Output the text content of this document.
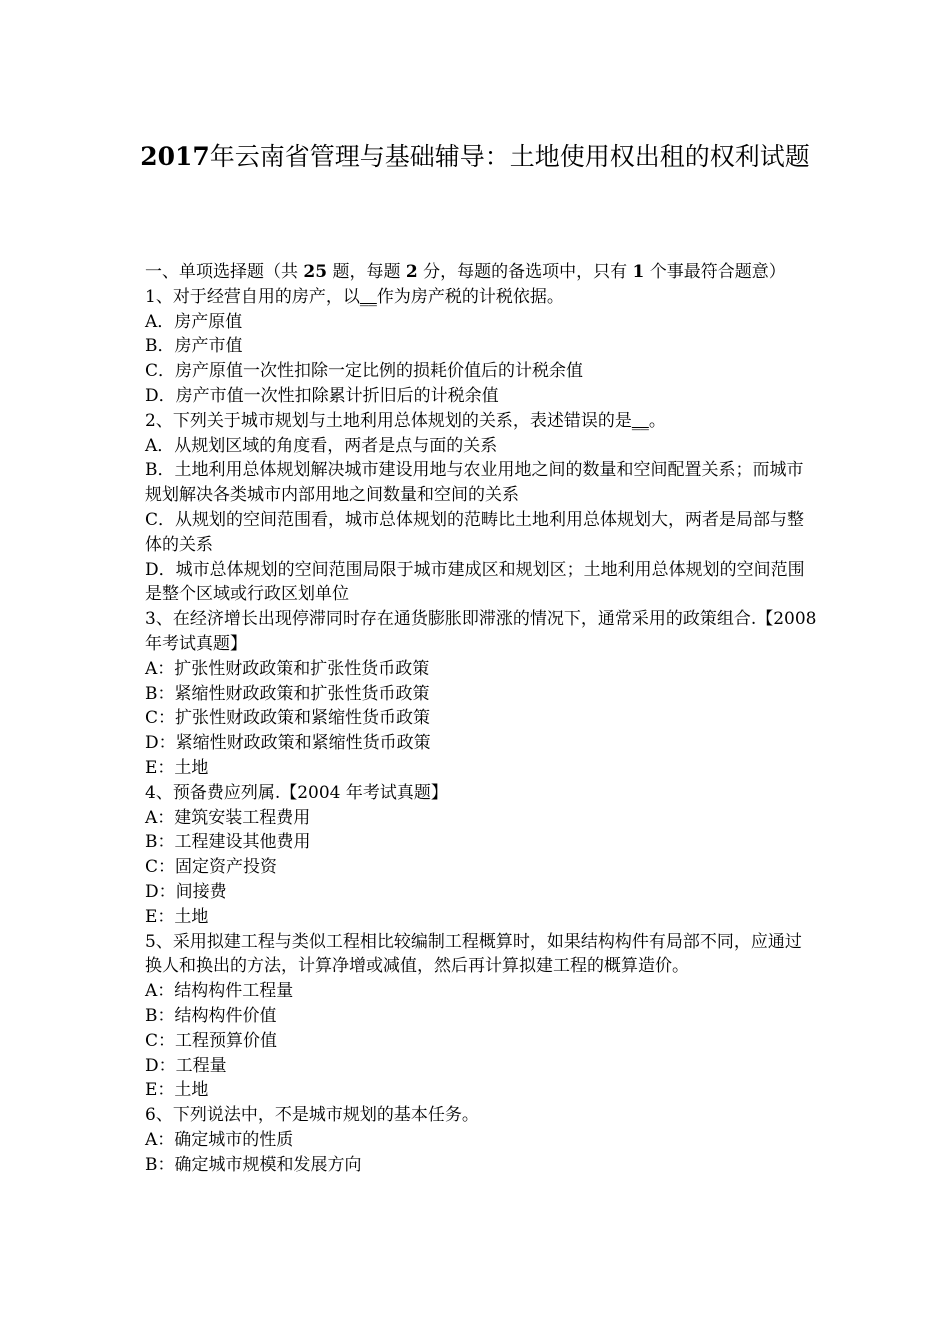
2017年云南省管理与基础辅导：土地使用权出租的权利试题
一、单项选择题（共 25 题，每题 2 分，每题的备选项中，只有 1 个事最符合题意）
1、对于经营自用的房产，以__作为房产税的计税依据。
A．房产原值
B．房产市值
C．房产原值一次性扣除一定比例的损耗价值后的计税余值
D．房产市值一次性扣除累计折旧后的计税余值
2、下列关于城市规划与土地利用总体规划的关系，表述错误的是__。
A．从规划区域的角度看，两者是点与面的关系
B．土地利用总体规划解决城市建设用地与农业用地之间的数量和空间配置关系；而城市规划解决各类城市内部用地之间数量和空间的关系
C．从规划的空间范围看，城市总体规划的范畴比土地利用总体规划大，两者是局部与整体的关系
D．城市总体规划的空间范围局限于城市建成区和规划区；土地利用总体规划的空间范围是整个区域或行政区划单位
3、在经济增长出现停滞同时存在通货膨胀即滞涨的情况下，通常采用的政策组合.【2008 年考试真题】
A：扩张性财政政策和扩张性货币政策
B：紧缩性财政政策和扩张性货币政策
C：扩张性财政政策和紧缩性货币政策
D：紧缩性财政政策和紧缩性货币政策
E：土地
4、预备费应列属.【2004 年考试真题】
A：建筑安装工程费用
B：工程建设其他费用
C：固定资产投资
D：间接费
E：土地
5、采用拟建工程与类似工程相比较编制工程概算时，如果结构构件有局部不同，应通过换人和换出的方法，计算净增或减值，然后再计算拟建工程的概算造价。
A：结构构件工程量
B：结构构件价值
C：工程预算价值
D：工程量
E：土地
6、下列说法中，不是城市规划的基本任务。
A：确定城市的性质
B：确定城市规模和发展方向
